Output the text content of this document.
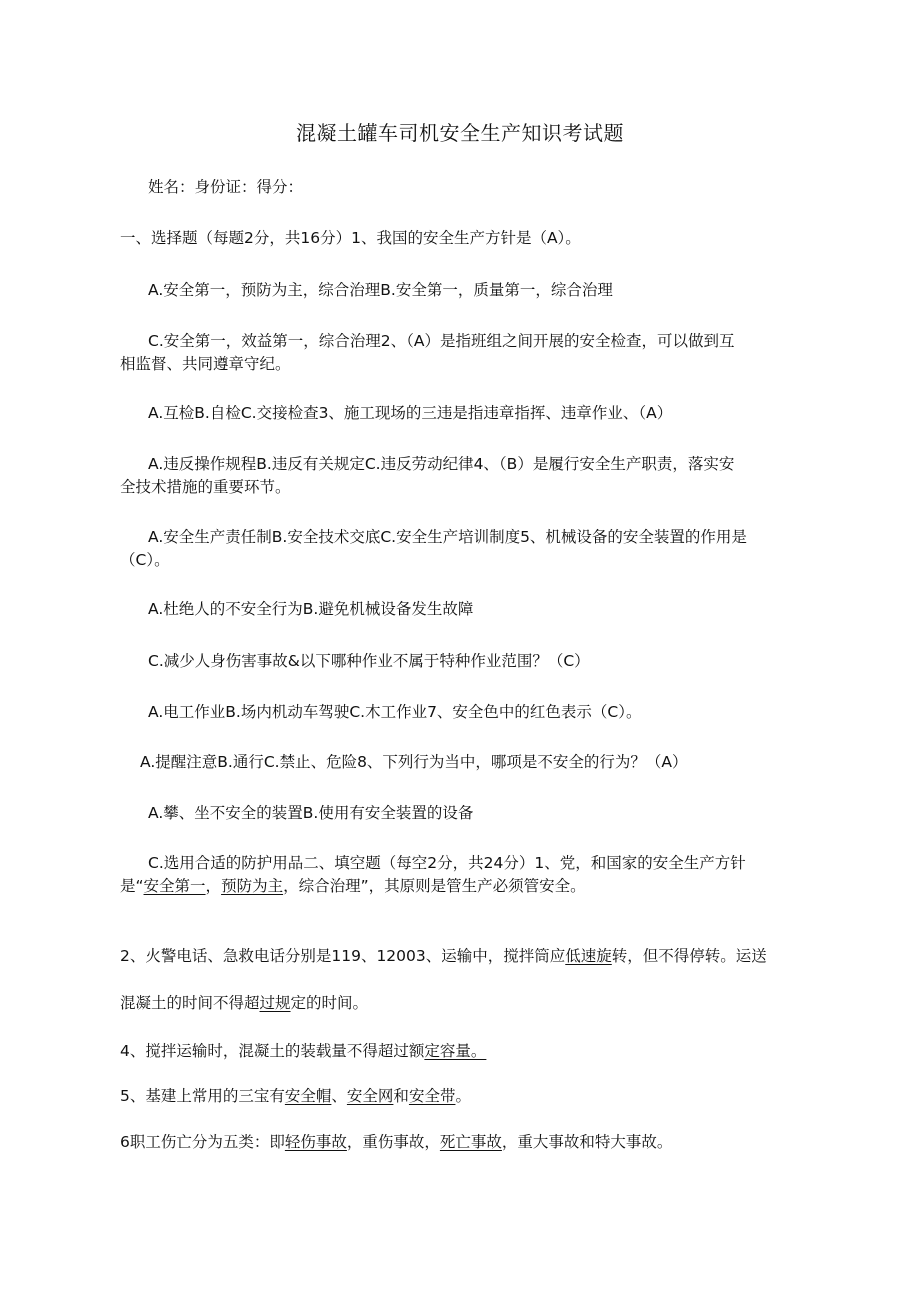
混凝土罐车司机安全生产知识考试题
姓名：身份证：得分：
一、选择题（每题2分，共16分）1、我国的安全生产方针是（A）。
A.安全第一，预防为主，综合治理B.安全第一，质量第一，综合治理
C.安全第一，效益第一，综合治理2、（A）是指班组之间开展的安全检查，可以做到互
相监督、共同遵章守纪。
A.互检B.自检C.交接检查3、施工现场的三违是指违章指挥、违章作业、（A）
A.违反操作规程B.违反有关规定C.违反劳动纪律4、（B）是履行安全生产职责，落实安
全技术措施的重要环节。
A.安全生产责任制B.安全技术交底C.安全生产培训制度5、机械设备的安全装置的作用是
（C）。
A.杜绝人的不安全行为B.避免机械设备发生故障
C.减少人身伤害事故&以下哪种作业不属于特种作业范围？（C）
A.电工作业B.场内机动车驾驶C.木工作业7、安全色中的红色表示（C）。
A.提醒注意B.通行C.禁止、危险8、下列行为当中，哪项是不安全的行为？（A）
A.攀、坐不安全的装置B.使用有安全装置的设备
C.选用合适的防护用品二、填空题（每空2分，共24分）1、党，和国家的安全生产方针
是“安全第一，预防为主，综合治理”，其原则是管生产必须管安全。
2、火警电话、急救电话分别是119、12003、运输中，搅拌筒应低速旋转，但不得停转。运送
混凝土的时间不得超过规定的时间。
4、搅拌运输时，混凝土的装载量不得超过额定容量。
5、基建上常用的三宝有安全帽、安全网和安全带。
6职工伤亡分为五类：即轻伤事故，重伤事故，死亡事故，重大事故和特大事故。
